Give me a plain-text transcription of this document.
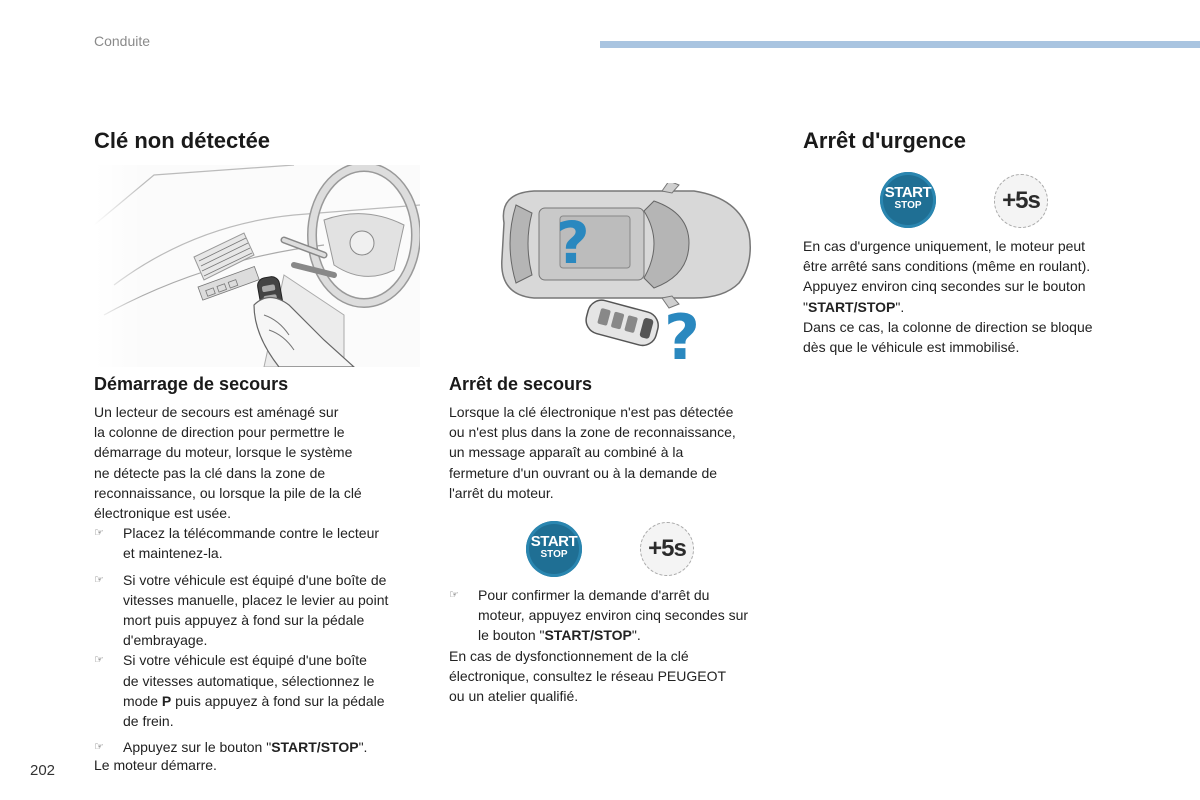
Conduite
Clé non détectée
Démarrage de secours

Un lecteur de secours est aménagé sur

la colonne de direction pour permettre le

démarrage du moteur, lorsque le système

ne détecte pas la clé dans la zone de

reconnaissance, ou lorsque la pile de la clé

électronique est usée.

☞ Placez la télécommande contre le lecteur

et maintenez-la.

☞ Si votre véhicule est équipé d'une boîte de

vitesses manuelle, placez le levier au point

mort puis appuyez à fond sur la pédale

d'embrayage.

☞ Si votre véhicule est équipé d'une boîte

de vitesses automatique, sélectionnez le

mode P puis appuyez à fond sur la pédale

de frein.

☞ Appuyez sur le bouton "START/STOP".

Le moteur démarre.

?
?
Arrêt de secours

Lorsque la clé électronique n'est pas détectée

ou n'est plus dans la zone de reconnaissance,

un message apparaît au combiné à la

fermeture d'un ouvrant ou à la demande de

l'arrêt du moteur.

START
STOP	+5s
☞ Pour confirmer la demande d'arrêt du

moteur, appuyez environ cinq secondes sur

le bouton "START/STOP".

En cas de dysfonctionnement de la clé

électronique, consultez le réseau PEUGEOT

ou un atelier qualifié.

Arrêt d'urgence
START
STOP	+5s

En cas d'urgence uniquement, le moteur peut

être arrêté sans conditions (même en roulant).

Appuyez environ cinq secondes sur le bouton

"START/STOP".

Dans ce cas, la colonne de direction se bloque

dès que le véhicule est immobilisé.

202
